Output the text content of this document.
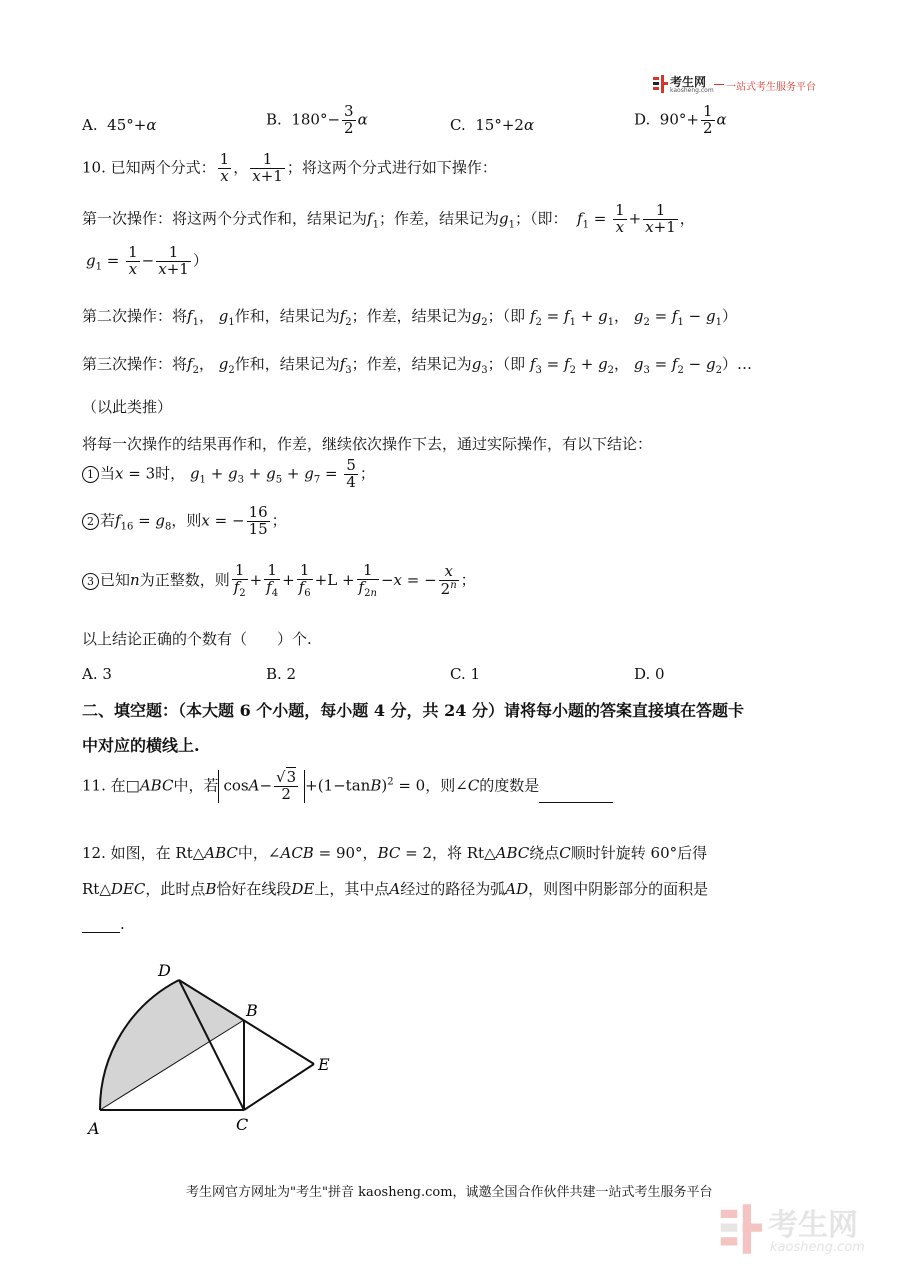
考生网
kaosheng.com 一站式考生服务平台
A.  45°+α	B.  $180^\circ- \frac{3}{2}$ α	C.  15°+2α	D.  $90^\circ+ \frac{1}{2}$ α
10. 已知两个分式： $\frac{1}{x}$ ， $\frac{1}{x+1}$ ；将这两个分式进行如下操作：
第一次操作：将这两个分式作和，结果记为$f_1$；作差，结果记为$g_1$；（即： $f_1 = \frac{1}{x} + \frac{1}{x+1}$ ，
$g_1 = \frac{1}{x} - \frac{1}{x+1}$ ）
第二次操作：将$f_1$， $g_1$作和，结果记为$f_2$；作差，结果记为$g_2$；（即 $f_2 = f_1 + g_1$， $g_2 = f_1 - g_1$）
第三次操作：将$f_2$， $g_2$作和，结果记为$f_3$；作差，结果记为$g_3$；（即 $f_3 = f_2 + g_2$， $g_3 = f_2$ − $g_2)\dots$
（以此类推）
将每一次操作的结果再作和，作差，继续依次操作下去，通过实际操作，有以下结论：
1 当x = 3时， $g_1 + g_3 + g_5 + g_7 = \frac{5}{4}$ ；
2 若$f_{16} = g_8$，则x = − $\frac{16}{15}$ ；
3 已知n为正整数，则 $\frac{1}{f_2} + \frac{1}{f_4} + \frac{1}{f_6} +L + \frac{1}{f_{2n}} -x$ = − $\frac{x}{2^n}$ ；
以上结论正确的个数有（　　）个.
A. 3	B. 2	C. 1	D. 0
二、填空题：（本大题 6 个小题，每小题 4 分，共 24 分）请将每小题的答案直接填在答题卡
中对应的横线上.
11. 在□ABC中，若 $\cos A- \frac{√3}{2} +(1-\tan B)^2 = 0$，则∠C的度数是
12. 如图，在 Rt△ABC中，∠ACB = 90°，BC = 2，将 Rt△ABC绕点C顺时针旋转 60°后得
Rt△DEC，此时点B恰好在线段DE上，其中点A经过的路径为弧AD，则图中阴影部分的面积是
.
D
B
E
A	C
考生网官方网址为"考生"拼音 kaosheng.com，诚邀全国合作伙伴共建一站式考生服务平台
考生网
kaosheng.com
